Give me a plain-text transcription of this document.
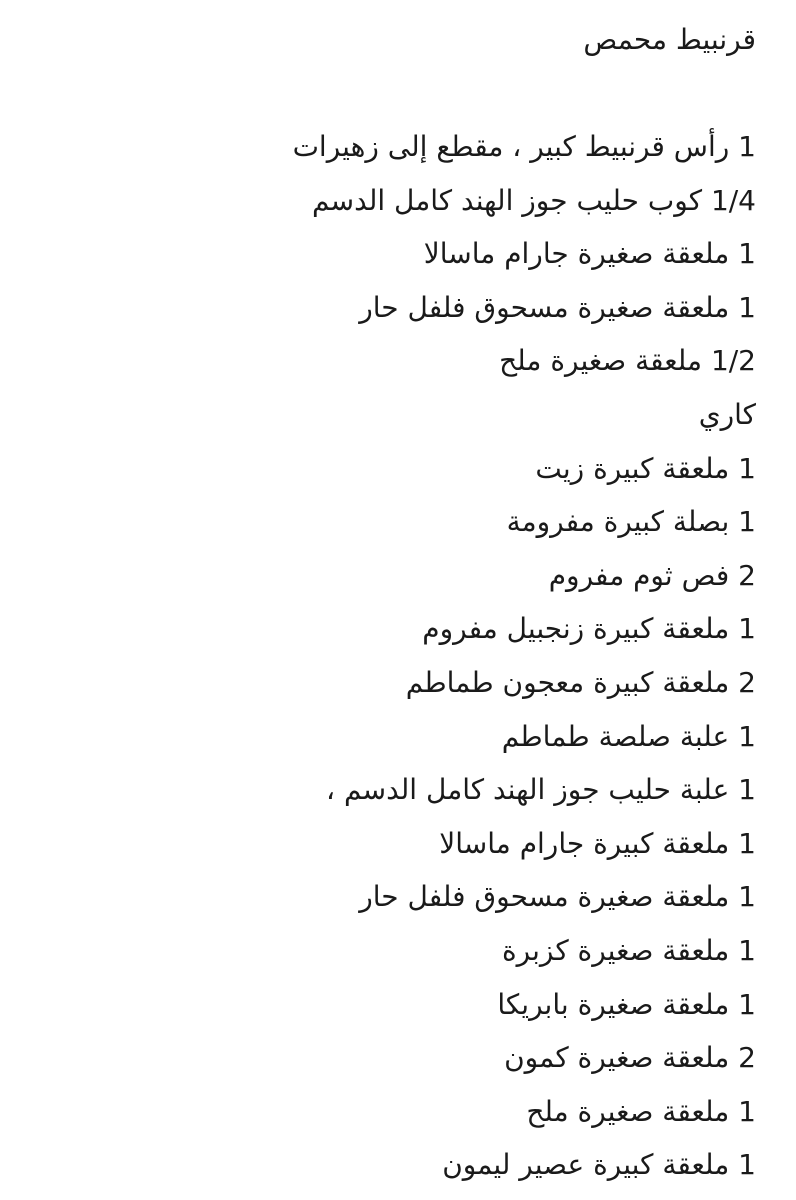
قرنبيط محمص
1 رأس قرنبيط كبير ، مقطع إلى زهيرات
1/4 كوب حليب جوز الهند كامل الدسم
1 ملعقة صغيرة جارام ماسالا
1 ملعقة صغيرة مسحوق فلفل حار
1/2 ملعقة صغيرة ملح
كاري
1 ملعقة كبيرة زيت
1 بصلة كبيرة مفرومة
2 فص ثوم مفروم
1 ملعقة كبيرة زنجبيل مفروم
2 ملعقة كبيرة معجون طماطم
1 علبة صلصة طماطم
1 علبة حليب جوز الهند كامل الدسم ،
1 ملعقة كبيرة جارام ماسالا
1 ملعقة صغيرة مسحوق فلفل حار
1 ملعقة صغيرة كزبرة
1 ملعقة صغيرة بابريكا
2 ملعقة صغيرة كمون
1 ملعقة صغيرة ملح
1 ملعقة كبيرة عصير ليمون
